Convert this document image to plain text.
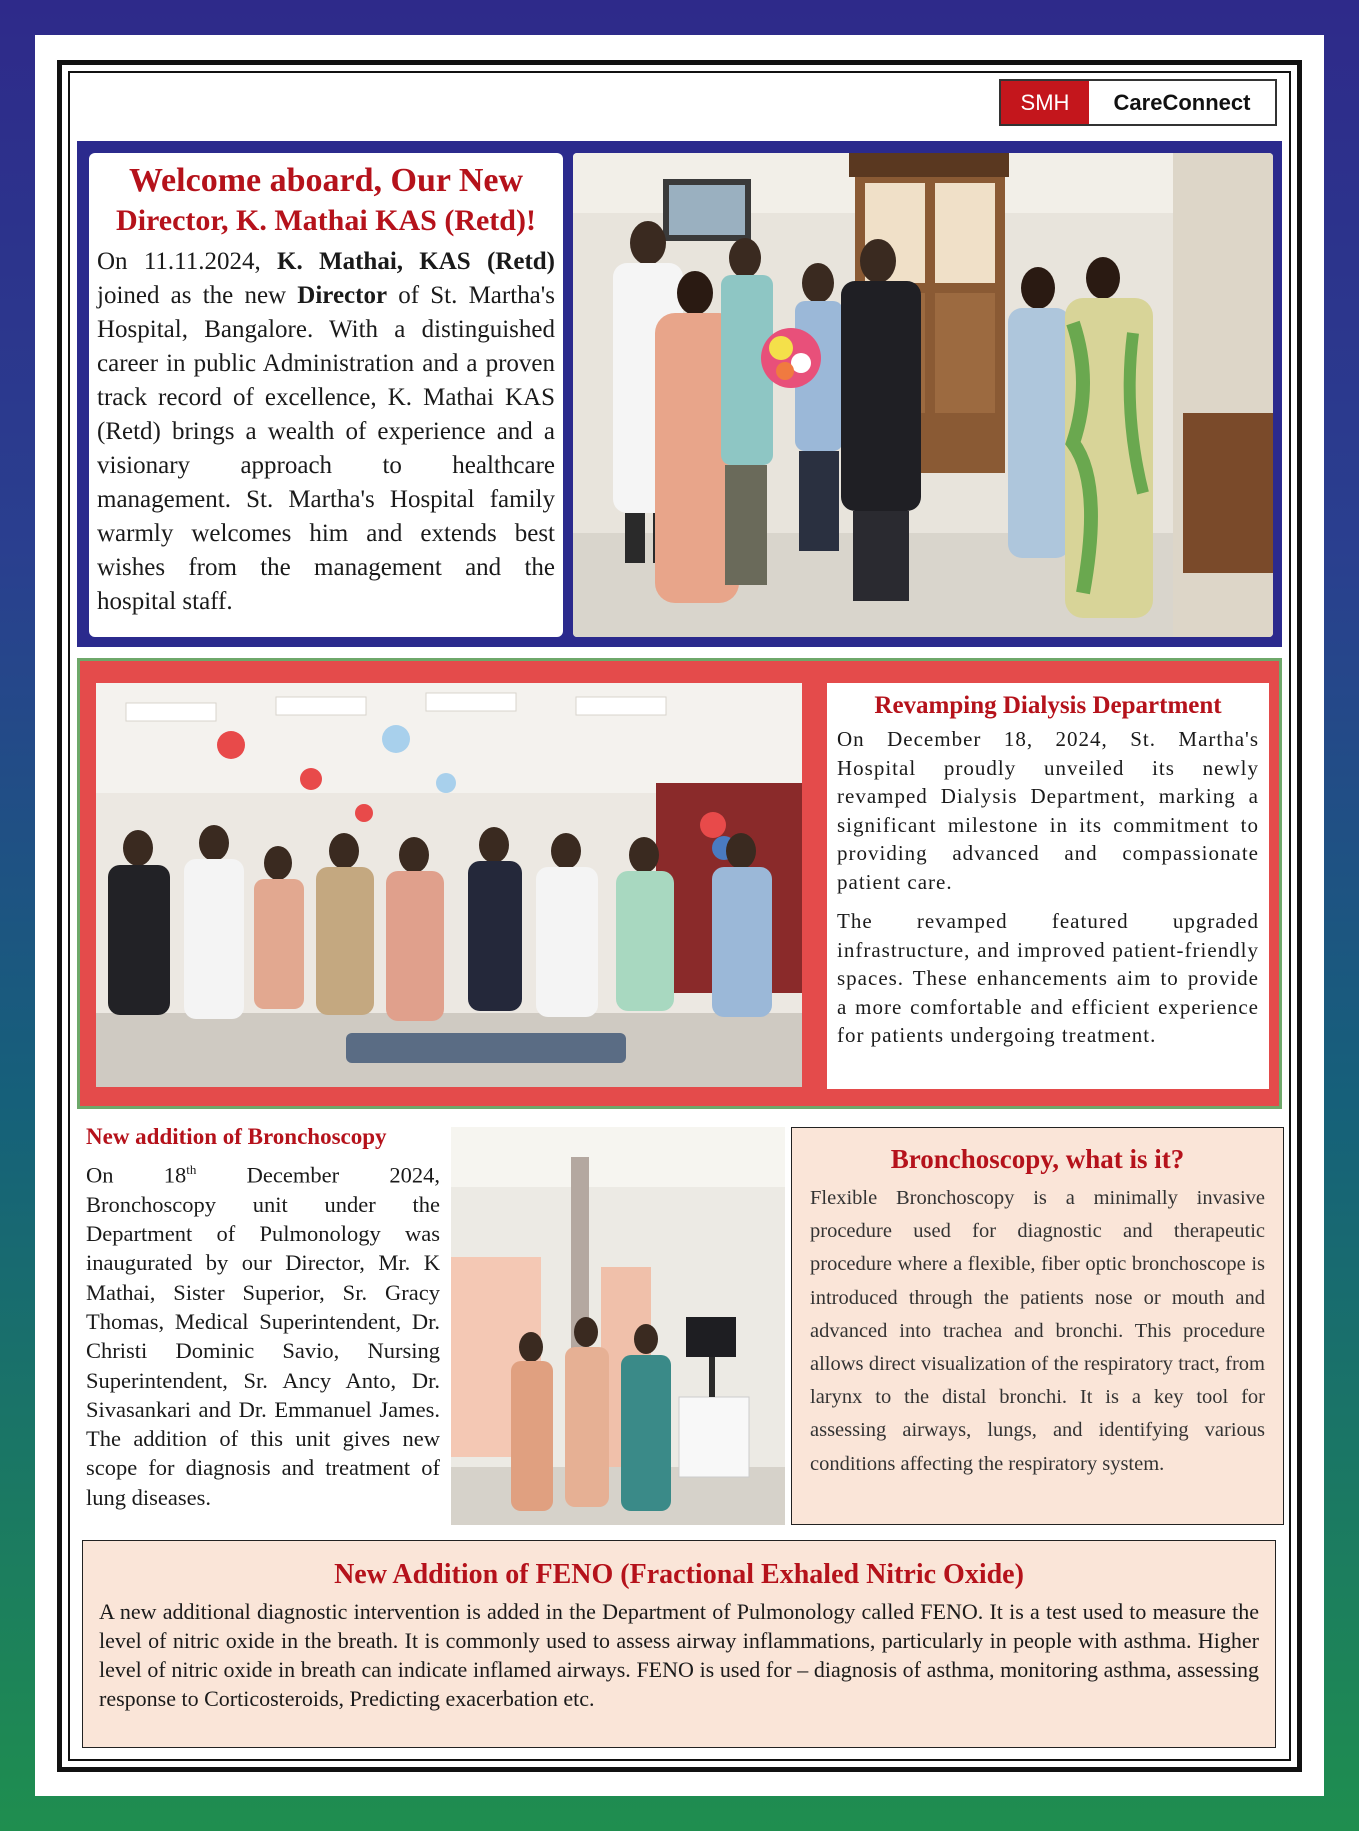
SMH	CareConnect
Welcome aboard, Our New
Director, K. Mathai KAS (Retd)!

On 11.11.2024, K. Mathai, KAS (Retd) joined as the new Director of St. Martha's Hospital, Bangalore. With a distinguished career in public Administration and a proven track record of excellence, K. Mathai KAS (Retd) brings a wealth of experience and a visionary approach to healthcare management. St. Martha's Hospital family warmly welcomes him and extends best wishes from the management and the hospital staff.

Revamping Dialysis Department

On December 18, 2024, St. Martha's Hospital proudly unveiled its newly revamped Dialysis Department, marking a significant milestone in its commitment to providing advanced and compassionate patient care.

The revamped featured upgraded infrastructure, and improved patient-friendly spaces. These enhancements aim to provide a more comfortable and efficient experience for patients undergoing treatment.

New addition of Bronchoscopy

On 18th December 2024, Bronchoscopy unit under the Department of Pulmonology was inaugurated by our Director, Mr. K Mathai, Sister Superior, Sr. Gracy Thomas, Medical Superintendent, Dr. Christi Dominic Savio, Nursing Superintendent, Sr. Ancy Anto, Dr. Sivasankari and Dr. Emmanuel James. The addition of this unit gives new scope for diagnosis and treatment of lung diseases.

Bronchoscopy, what is it?

Flexible Bronchoscopy is a minimally invasive procedure used for diagnostic and therapeutic procedure where a flexible, fiber optic bronchoscope is introduced through the patients nose or mouth and advanced into trachea and bronchi. This procedure allows direct visualization of the respiratory tract, from larynx to the distal bronchi. It is a key tool for assessing airways, lungs, and identifying various conditions affecting the respiratory system.

New Addition of FENO (Fractional Exhaled Nitric Oxide)

A new additional diagnostic intervention is added in the Department of Pulmonology called FENO. It is a test used to measure the level of nitric oxide in the breath. It is commonly used to assess airway inflammations, particularly in people with asthma. Higher level of nitric oxide in breath can indicate inflamed airways. FENO is used for – diagnosis of asthma, monitoring asthma, assessing response to Corticosteroids, Predicting exacerbation etc.
